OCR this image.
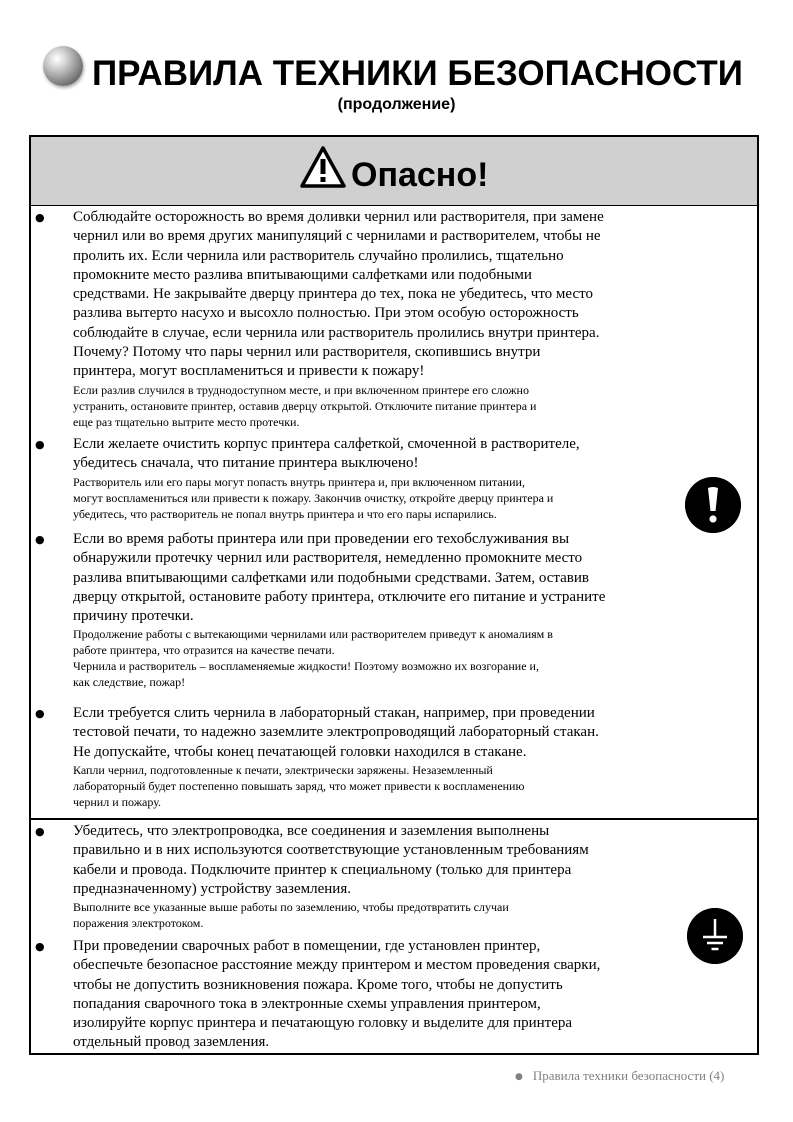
ПРАВИЛА ТЕХНИКИ БЕЗОПАСНОСТИ
(продолжение)
Опасно!
● Соблюдайте осторожность во время доливки чернил или растворителя, при замене
чернил или во время других манипуляций с чернилами и растворителем, чтобы не
пролить их. Если чернила или растворитель случайно пролились, тщательно
промокните место разлива впитывающими салфетками или подобными
средствами. Не закрывайте дверцу принтера до тех, пока не убедитесь, что место
разлива вытерто насухо и высохло полностью. При этом особую осторожность
соблюдайте в случае, если чернила или растворитель пролились внутри принтера.
Почему? Потому что пары чернил или растворителя, скопившись внутри
принтера, могут воспламениться и привести к пожару!
Если разлив случился в труднодоступном месте, и при включенном принтере его сложно
устранить, остановите принтер, оставив дверцу открытой. Отключите питание принтера и
еще раз тщательно вытрите место протечки.
● Если желаете очистить корпус принтера салфеткой, смоченной в растворителе,
убедитесь сначала, что питание принтера выключено!
Растворитель или его пары могут попасть внутрь принтера и, при включенном питании,
могут воспламениться или привести к пожару. Закончив очистку, откройте дверцу принтера и
убедитесь, что растворитель не попал внутрь принтера и что его пары испарились.
● Если во время работы принтера или при проведении его техобслуживания вы
обнаружили протечку чернил или растворителя, немедленно промокните место
разлива впитывающими салфетками или подобными средствами. Затем, оставив
дверцу открытой, остановите работу принтера, отключите его питание и устраните
причину протечки.
Продолжение работы с вытекающими чернилами или растворителем приведут к аномалиям в
работе принтера, что отразится на качестве печати.
Чернила и растворитель – воспламеняемые жидкости! Поэтому возможно их возгорание и,
как следствие, пожар!
● Если требуется слить чернила в лабораторный стакан, например, при проведении
тестовой печати, то надежно заземлите электропроводящий лабораторный стакан.
Не допускайте, чтобы конец печатающей головки находился в стакане.
Капли чернил, подготовленные к печати, электрически заряжены. Незаземленный
лабораторный будет постепенно повышать заряд, что может привести к воспламенению
чернил и пожару.
● Убедитесь, что электропроводка, все соединения и заземления выполнены
правильно и в них используются соответствующие установленным требованиям
кабели и провода. Подключите принтер к специальному (только для принтера
предназначенному) устройству заземления.
Выполните все указанные выше работы по заземлению, чтобы предотвратить случаи
поражения электротоком.
● При проведении сварочных работ в помещении, где установлен принтер,
обеспечьте безопасное расстояние между принтером и местом проведения сварки,
чтобы не допустить возникновения пожара. Кроме того, чтобы не допустить
попадания сварочного тока в электронные схемы управления принтером,
изолируйте корпус принтера и печатающую головку и выделите для принтера
отдельный провод заземления.
● Правила техники безопасности (4)
